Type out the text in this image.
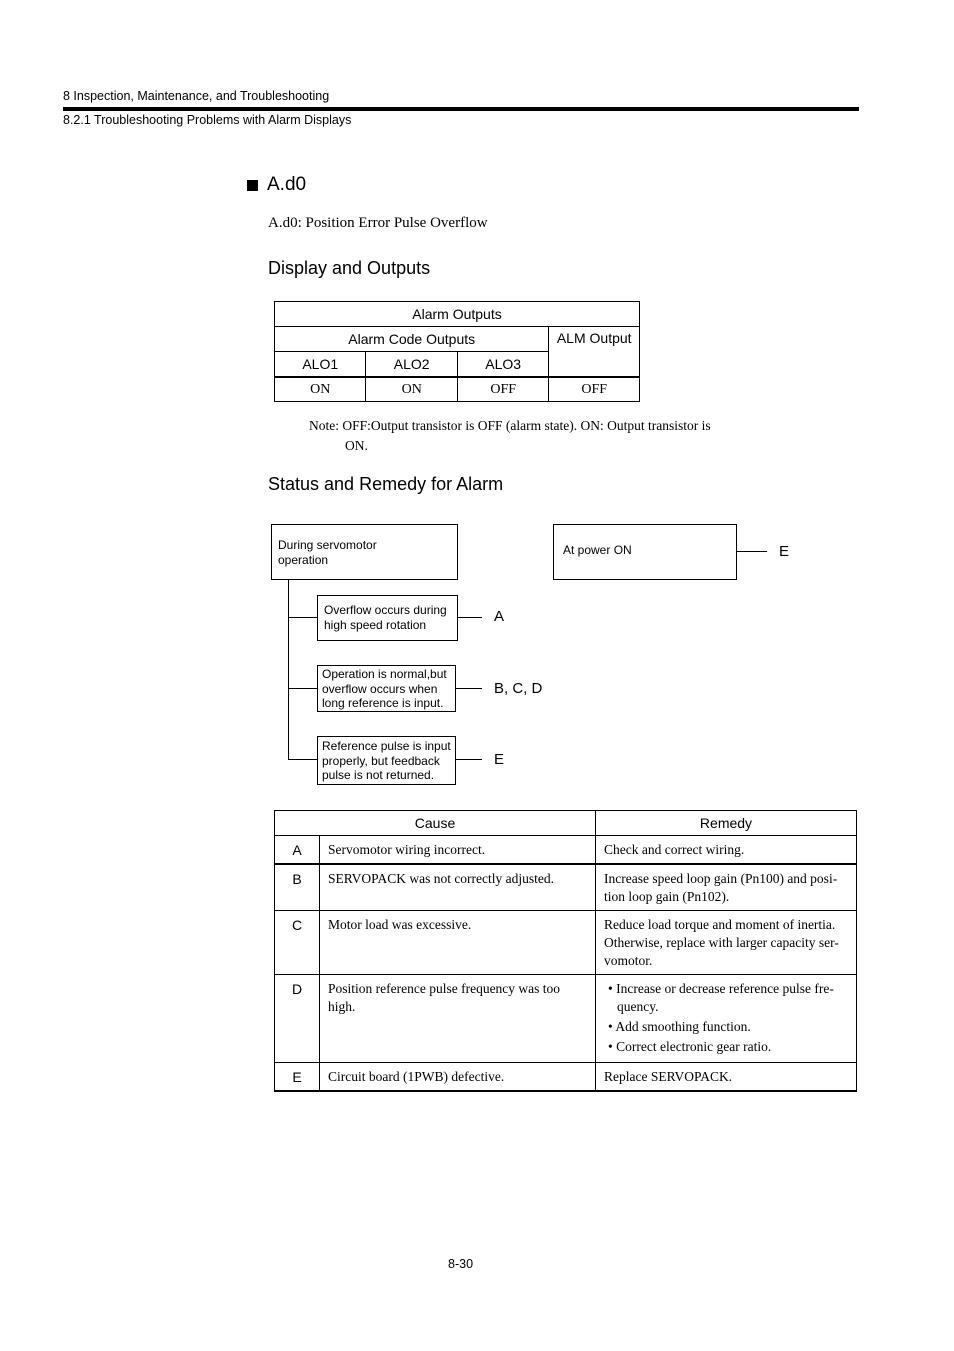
8 Inspection, Maintenance, and Troubleshooting
8.2.1 Troubleshooting Problems with Alarm Displays
A.d0
A.d0: Position Error Pulse Overflow
Display and Outputs
Alarm Outputs			
Alarm Code Outputs			ALM Output
ALO1	ALO2	ALO3	
ON	ON	OFF	OFF
Note: OFF:Output transistor is OFF (alarm state). ON: Output transistor is
ON.
Status and Remedy for Alarm
During servomotor
operation
At power ON	E
Overflow occurs during
high speed rotation	A
Operation is normal,but
overflow occurs when
long reference is input.
B, C, D
Reference pulse is input
properly, but feedback
pulse is not returned.
E
Cause		Remedy
A	Servomotor wiring incorrect.	Check and correct wiring.
B	SERVOPACK was not correctly adjusted.	Increase speed loop gain (Pn100) and posi-tion loop gain (Pn102).
C	Motor load was excessive.	Reduce load torque and moment of inertia. Otherwise, replace with larger capacity ser-vomotor.
D	Position reference pulse frequency was too high.	• Increase or decrease reference pulse fre-quency.
• Add smoothing function.
• Correct electronic gear ratio.

E	Circuit board (1PWB) defective.	Replace SERVOPACK.
8-30
